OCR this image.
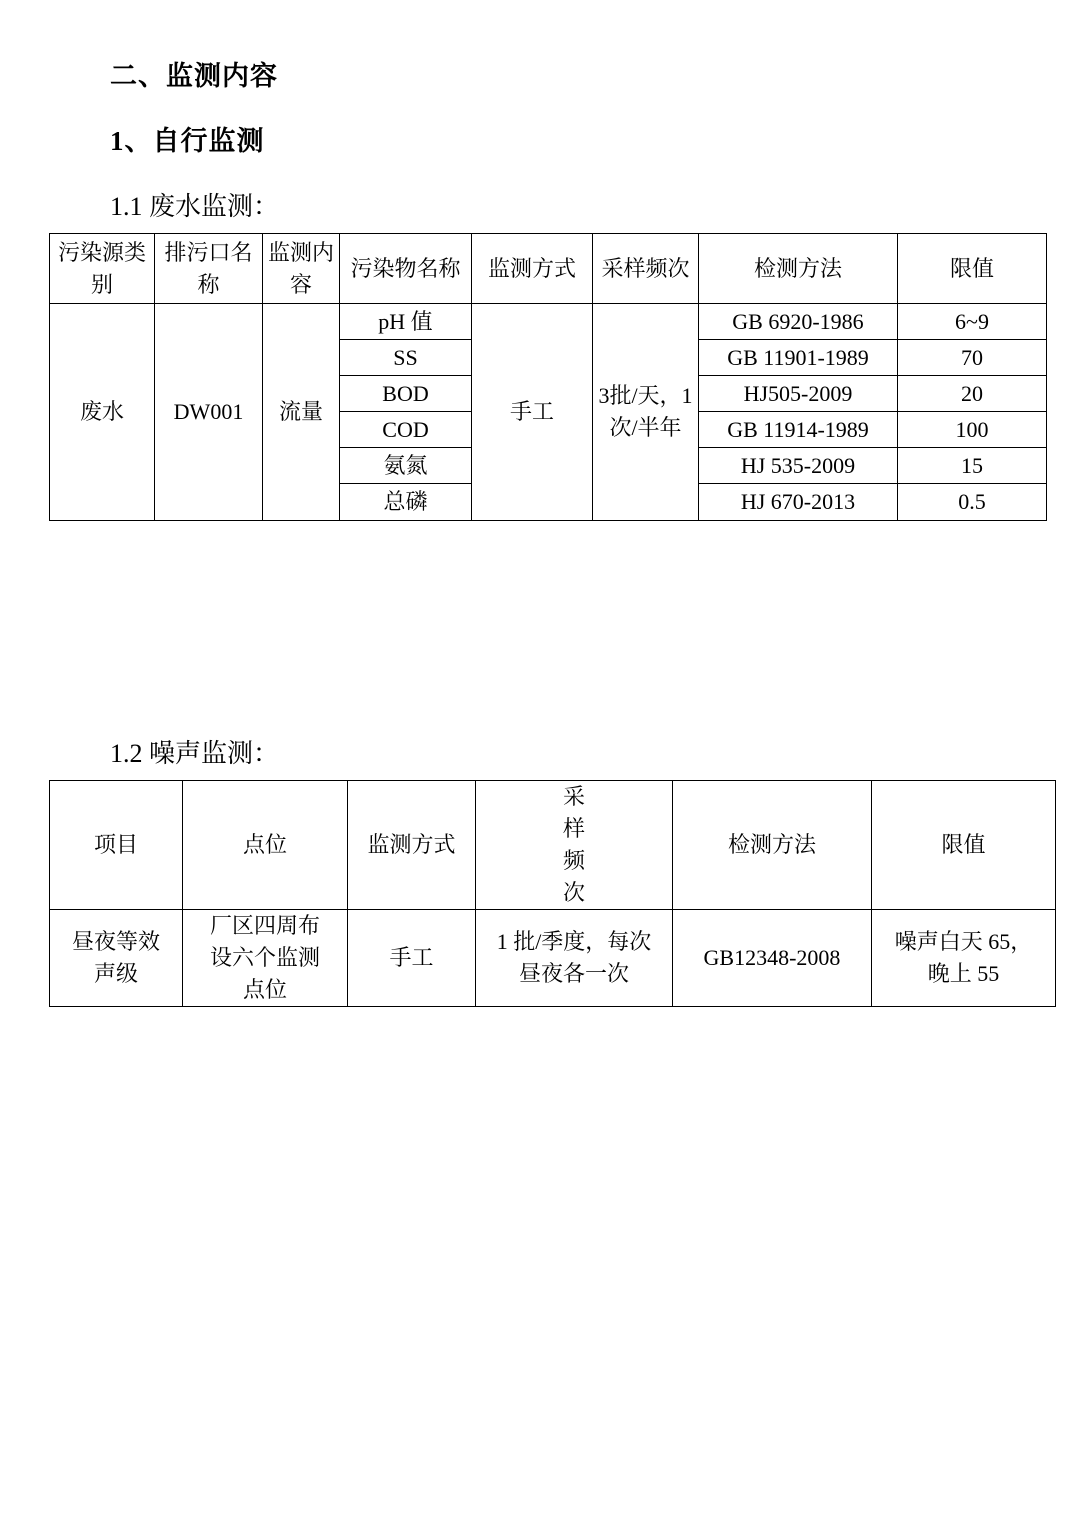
二、监测内容
1、自行监测
1.1 废水监测：
污染源类别	排污口名称	监测内容	污染物名称	监测方式	采样频次	检测方法	限值
废水	DW001	流量	pH 值	手工	3批/天，1次/半年	GB 6920-1986	6~9
			SS			GB 11901-1989	70
			BOD			HJ505-2009	20
			COD			GB 11914-1989	100
			氨氮			HJ 535-2009	15
			总磷			HJ 670-2013	0.5
1.2 噪声监测：
项目	点位	监测方式	采样频次	检测方法	限值
昼夜等效声级	厂区四周布设六个监测点位	手工	1 批/季度，每次昼夜各一次	GB12348-2008	噪声白天 65，晚上 55
